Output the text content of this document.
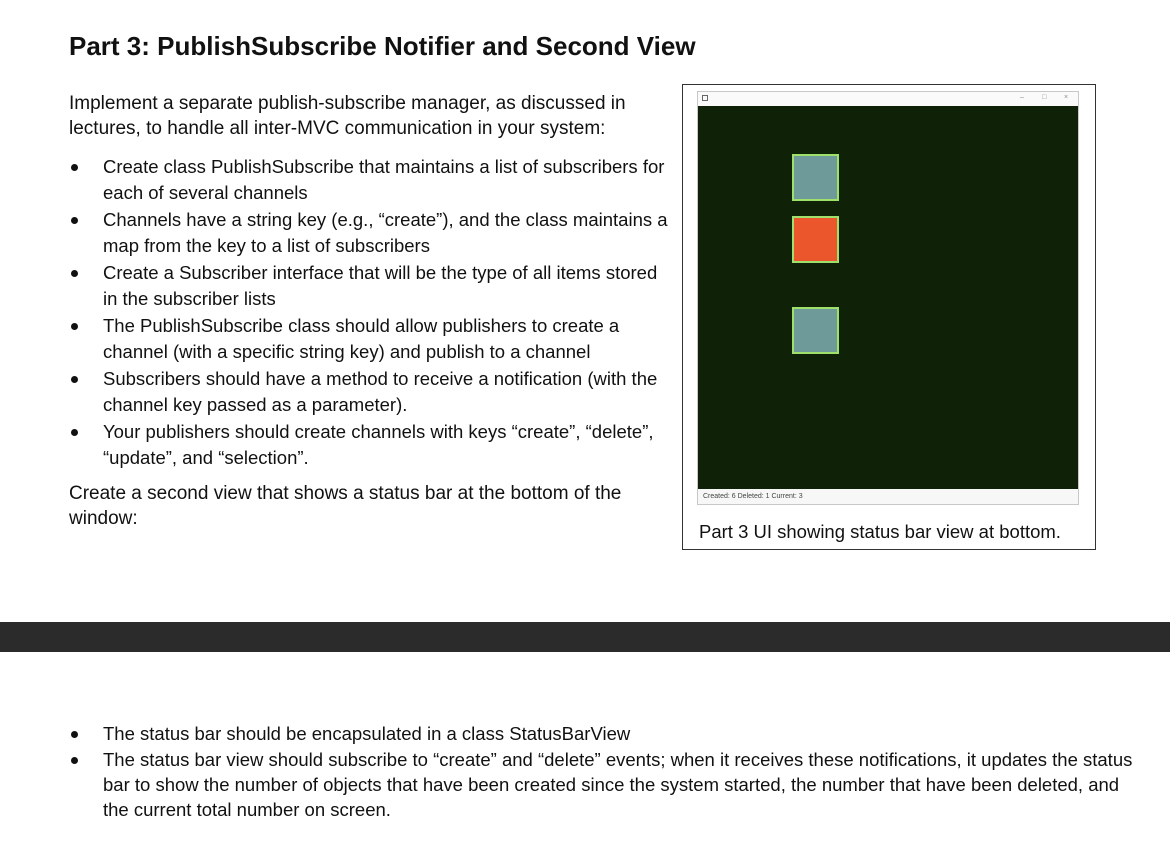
Part 3: PublishSubscribe Notifier and Second View

Implement a separate publish-subscribe manager, as discussed in lectures, to handle all inter-MVC communication in your system:

Create class PublishSubscribe that maintains a list of subscribers for each of several channels
Channels have a string key (e.g., “create”), and the class maintains a map from the key to a list of subscribers
Create a Subscriber interface that will be the type of all items stored in the subscriber lists
The PublishSubscribe class should allow publishers to create a channel (with a specific string key) and publish to a channel
Subscribers should have a method to receive a notification (with the channel key passed as a parameter).
Your publishers should create channels with keys “create”, “delete”, “update”, and “selection”.

Create a second view that shows a status bar at the bottom of the window:

–	□	×
Created: 6 Deleted: 1 Current: 3
Part 3 UI showing status bar view at bottom.
The status bar should be encapsulated in a class StatusBarView
The status bar view should subscribe to “create” and “delete” events; when it receives these notifications, it updates the status bar to show the number of objects that have been created since the system started, the number that have been deleted, and the current total number on screen.
